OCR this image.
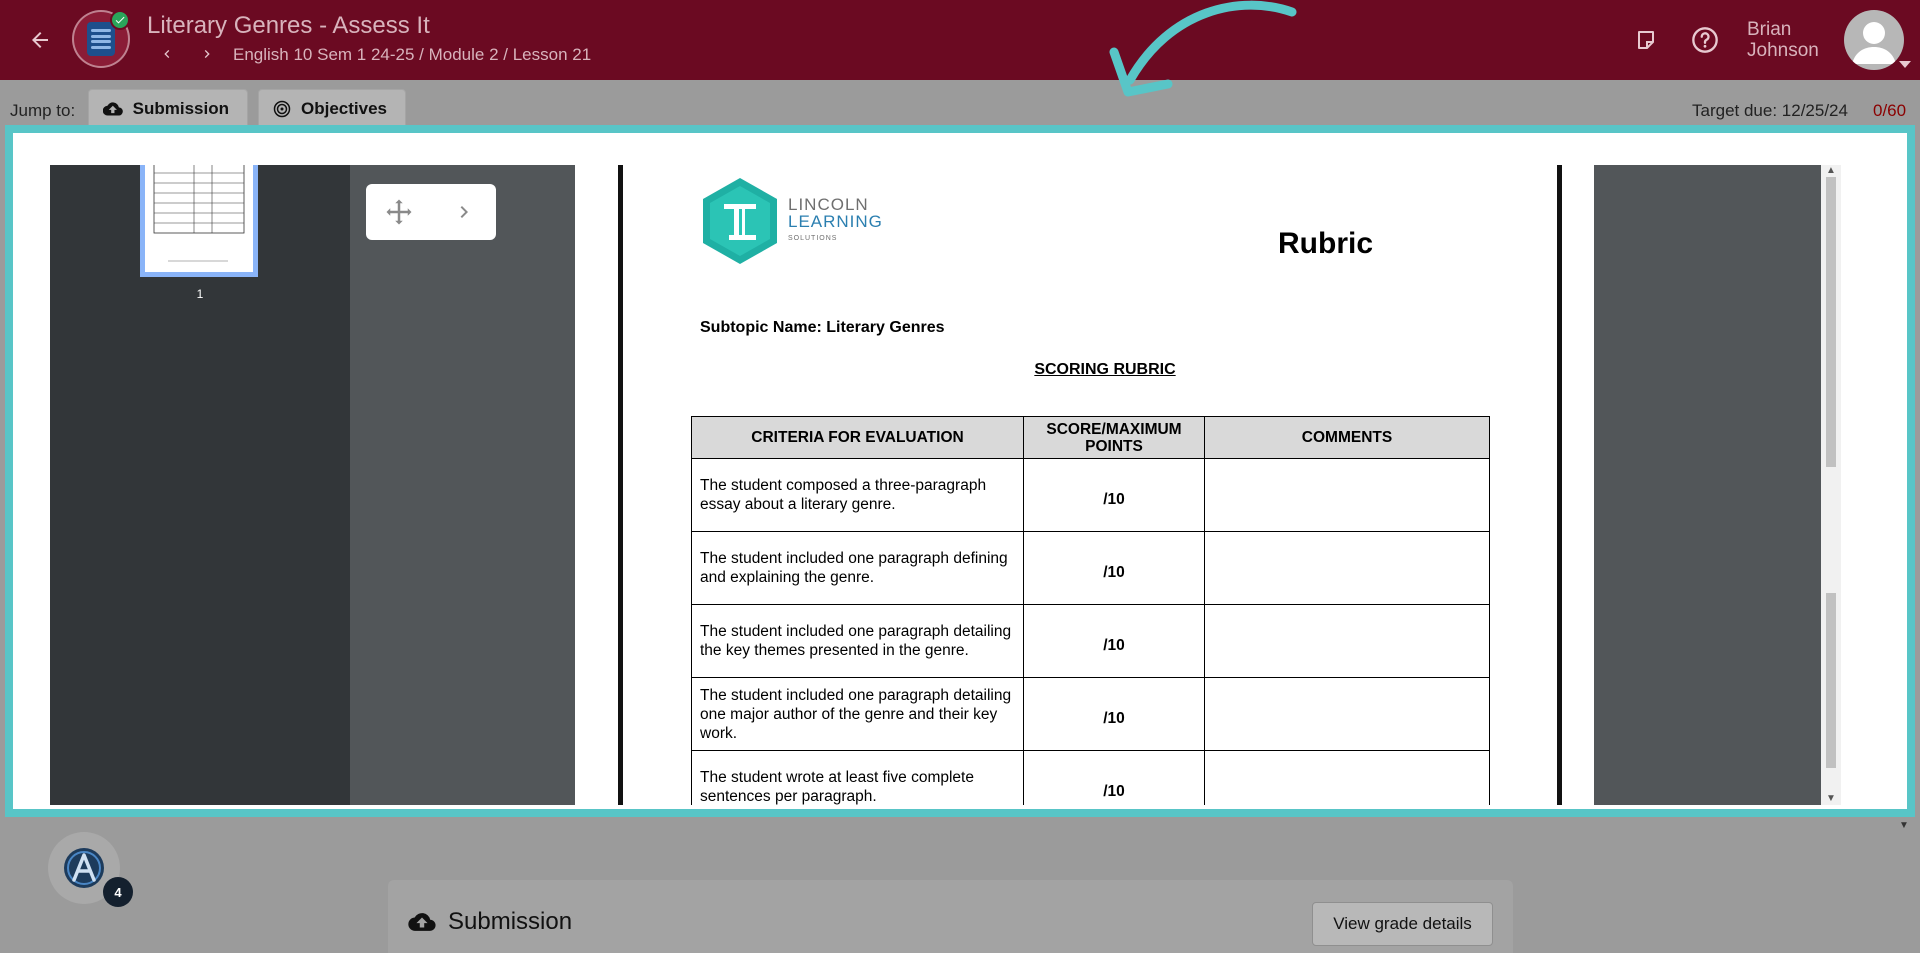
Literary Genres - Assess It
English 10 Sem 1 24-25 / Module 2 / Lesson 21
Brian
Johnson
Jump to:	Submission	Objectives	Target due: 12/25/24 0/60
1
LINCOLN
LEARNING
SOLUTIONS	Rubric
Subtopic Name: Literary Genres
SCORING RUBRIC
CRITERIA FOR EVALUATION	SCORE/MAXIMUM POINTS	COMMENTS
The student composed a three-paragraph essay about a literary genre.	/10	
The student included one paragraph defining and explaining the genre.	/10	
The student included one paragraph detailing the key themes presented in the genre.	/10	
The student included one paragraph detailing one major author of the genre and their key work.	/10	
The student wrote at least five complete sentences per paragraph.	/10	
▲
▼
▼
4
Submission	View grade details
